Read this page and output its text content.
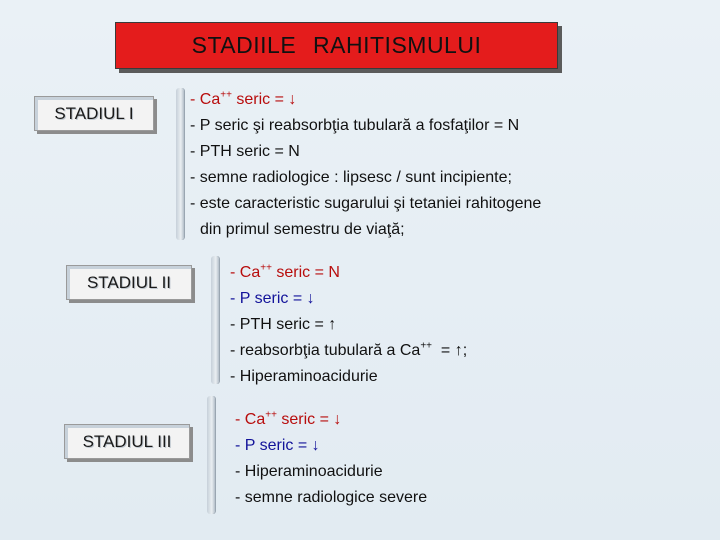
STADIILE RAHITISMULUI
STADIUL I
- Ca++ seric = ↓
- P seric şi reabsorbţia tubulară a fosfaţilor = N
- PTH seric = N
- semne radiologice : lipsesc / sunt incipiente;
- este caracteristic sugarului şi tetaniei rahitogene
din primul semestru de viaţă;
STADIUL II	- Ca++ seric = N
- P seric = ↓
- PTH seric = ↑
- reabsorbţia tubulară a Ca++  = ↑;
- Hiperaminoacidurie
STADIUL III
- Ca++ seric = ↓
- P seric = ↓
- Hiperaminoacidurie
- semne radiologice severe
